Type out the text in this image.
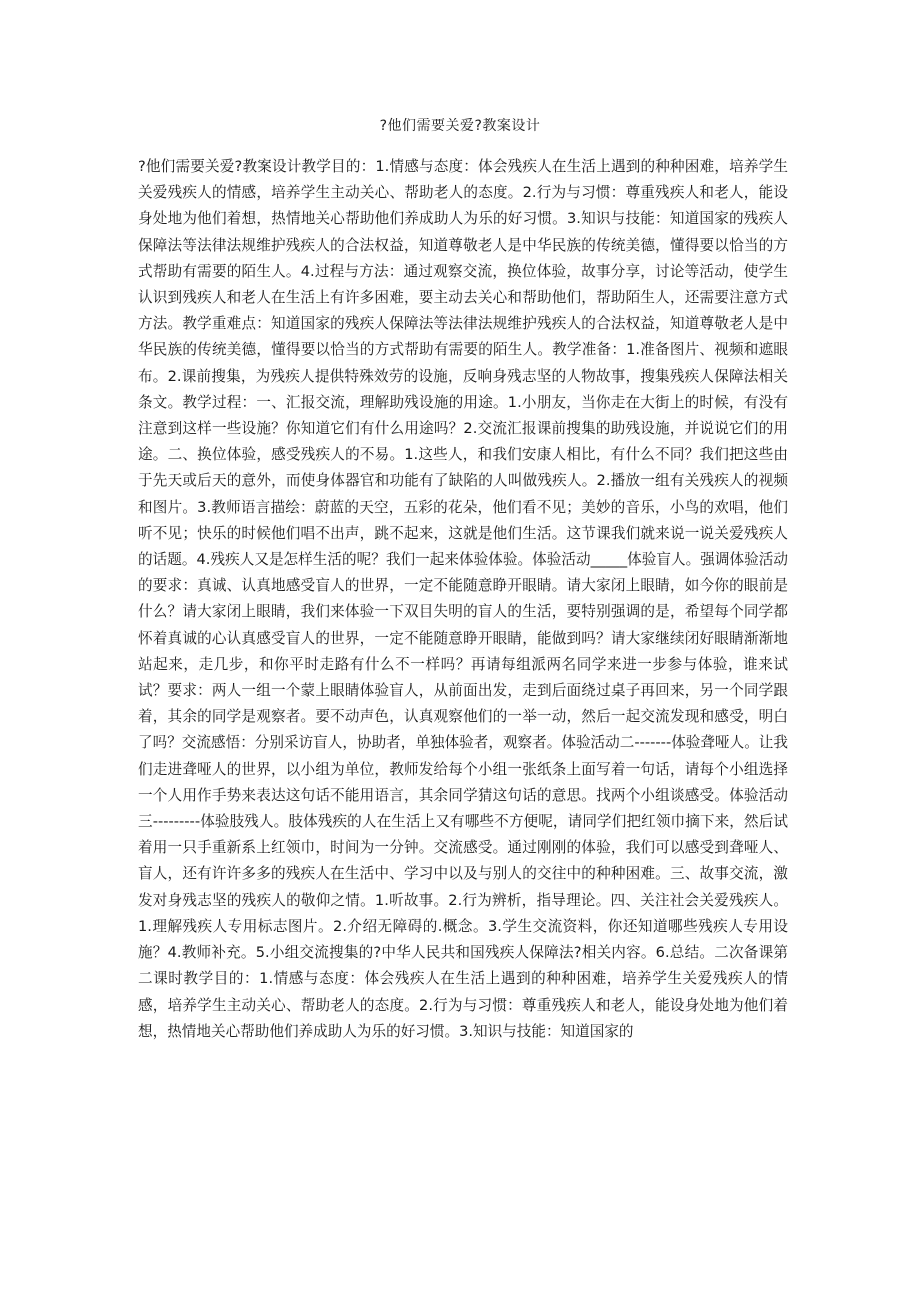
?他们需要关爱?教案设计

?他们需要关爱?教案设计教学目的：1.情感与态度：体会残疾人在生活上遇到的种种困难，培养学生关爱残疾人的情感，培养学生主动关心、帮助老人的态度。2.行为与习惯：尊重残疾人和老人，能设身处地为他们着想，热情地关心帮助他们养成助人为乐的好习惯。3.知识与技能：知道国家的残疾人保障法等法律法规维护残疾人的合法权益，知道尊敬老人是中华民族的传统美德，懂得要以恰当的方式帮助有需要的陌生人。4.过程与方法：通过观察交流，换位体验，故事分享，讨论等活动，使学生认识到残疾人和老人在生活上有许多困难，要主动去关心和帮助他们，帮助陌生人，还需要注意方式方法。教学重难点：知道国家的残疾人保障法等法律法规维护残疾人的合法权益，知道尊敬老人是中华民族的传统美德，懂得要以恰当的方式帮助有需要的陌生人。教学准备：1.准备图片、视频和遮眼布。2.课前搜集，为残疾人提供特殊效劳的设施，反响身残志坚的人物故事，搜集残疾人保障法相关条文。教学过程：一、汇报交流，理解助残设施的用途。1.小朋友，当你走在大街上的时候，有没有注意到这样一些设施？你知道它们有什么用途吗？2.交流汇报课前搜集的助残设施，并说说它们的用途。二、换位体验，感受残疾人的不易。1.这些人，和我们安康人相比，有什么不同？我们把这些由于先天或后天的意外，而使身体器官和功能有了缺陷的人叫做残疾人。2.播放一组有关残疾人的视频和图片。3.教师语言描绘：蔚蓝的天空，五彩的花朵，他们看不见；美妙的音乐，小鸟的欢唱，他们听不见；快乐的时候他们唱不出声，跳不起来，这就是他们生活。这节课我们就来说一说关爱残疾人的话题。4.残疾人又是怎样生活的呢？我们一起来体验体验。体验活动_____体验盲人。强调体验活动的要求：真诚、认真地感受盲人的世界，一定不能随意睁开眼睛。请大家闭上眼睛，如今你的眼前是什么？请大家闭上眼睛，我们来体验一下双目失明的盲人的生活，要特别强调的是，希望每个同学都怀着真诚的心认真感受盲人的世界，一定不能随意睁开眼睛，能做到吗？请大家继续闭好眼睛渐渐地站起来，走几步，和你平时走路有什么不一样吗？再请每组派两名同学来进一步参与体验，谁来试试？要求：两人一组一个蒙上眼睛体验盲人，从前面出发，走到后面绕过桌子再回来，另一个同学跟着，其余的同学是观察者。要不动声色，认真观察他们的一举一动，然后一起交流发现和感受，明白了吗？交流感悟：分别采访盲人，协助者，单独体验者，观察者。体验活动二-------体验聋哑人。让我们走进聋哑人的世界，以小组为单位，教师发给每个小组一张纸条上面写着一句话，请每个小组选择一个人用作手势来表达这句话不能用语言，其余同学猜这句话的意思。找两个小组谈感受。体验活动三---------体验肢残人。肢体残疾的人在生活上又有哪些不方便呢，请同学们把红领巾摘下来，然后试着用一只手重新系上红领巾，时间为一分钟。交流感受。通过刚刚的体验，我们可以感受到聋哑人、盲人，还有许许多多的残疾人在生活中、学习中以及与别人的交往中的种种困难。三、故事交流，激发对身残志坚的残疾人的敬仰之情。1.听故事。2.行为辨析，指导理论。四、关注社会关爱残疾人。1.理解残疾人专用标志图片。2.介绍无障碍的.概念。3.学生交流资料，你还知道哪些残疾人专用设施？4.教师补充。5.小组交流搜集的?中华人民共和国残疾人保障法?相关内容。6.总结。二次备课第二课时教学目的：1.情感与态度：体会残疾人在生活上遇到的种种困难，培养学生关爱残疾人的情感，培养学生主动关心、帮助老人的态度。2.行为与习惯：尊重残疾人和老人，能设身处地为他们着想，热情地关心帮助他们养成助人为乐的好习惯。3.知识与技能：知道国家的
